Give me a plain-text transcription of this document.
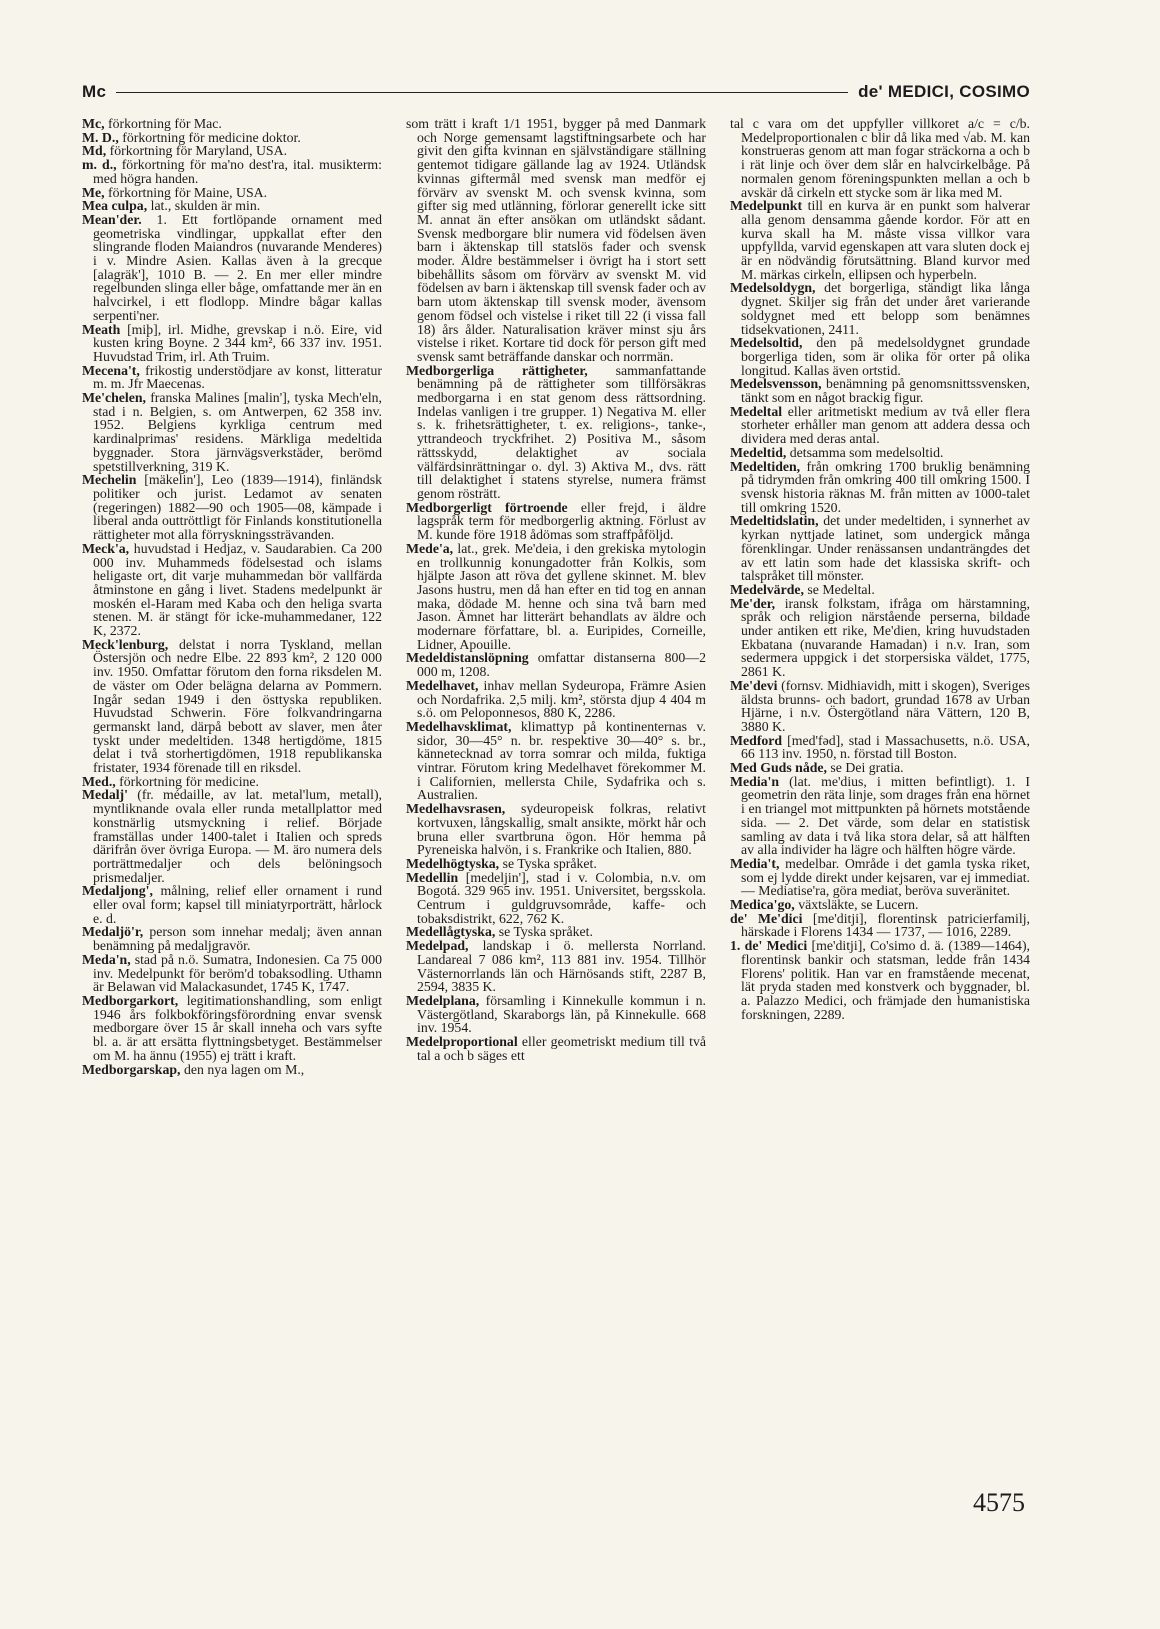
Mc	de' MEDICI, COSIMO

Mc, förkortning för Mac.

M. D., förkortning för medicine doktor.

Md, förkortning för Maryland, USA.

m. d., förkortning för ma'no dest'ra, ital. musikterm: med högra handen.

Me, förkortning för Maine, USA.

Mea culpa, lat., skulden är min.

Mean'der. 1. Ett fortlöpande ornament med geometriska vindlingar, uppkallat efter den slingrande floden Maiandros (nuvarande Menderes) i v. Mindre Asien. Kallas även à la grecque [alagräk'], 1010 B. — 2. En mer eller mindre regelbunden slinga eller båge, omfattande mer än en halvcirkel, i ett flodlopp. Mindre bågar kallas serpenti'ner.

Meath [miþ], irl. Midhe, grevskap i n.ö. Eire, vid kusten kring Boyne. 2 344 km², 66 337 inv. 1951. Huvudstad Trim, irl. Ath Truim.

Mecena't, frikostig understödjare av konst, litteratur m. m. Jfr Maecenas.

Me'chelen, franska Malines [malin'], tyska Mech'eln, stad i n. Belgien, s. om Antwerpen, 62 358 inv. 1952. Belgiens kyrkliga centrum med kardinalprimas' residens. Märkliga medeltida byggnader. Stora järnvägsverkstäder, berömd spetstillverkning, 319 K.

Mechelin [mäkelin'], Leo (1839—1914), finländsk politiker och jurist. Ledamot av senaten (regeringen) 1882—90 och 1905—08, kämpade i liberal anda outtröttligt för Finlands konstitutionella rättigheter mot alla förryskningssträvanden.

Meck'a, huvudstad i Hedjaz, v. Saudarabien. Ca 200 000 inv. Muhammeds födelsestad och islams heligaste ort, dit varje muhammedan bör vallfärda åtminstone en gång i livet. Stadens medelpunkt är moskén el-Haram med Kaba och den heliga svarta stenen. M. är stängt för icke-muhammedaner, 122 K, 2372.

Meck'lenburg, delstat i norra Tyskland, mellan Östersjön och nedre Elbe. 22 893 km², 2 120 000 inv. 1950. Omfattar förutom den forna riksdelen M. de väster om Oder belägna delarna av Pommern. Ingår sedan 1949 i den östtyska republiken. Huvudstad Schwerin. Före folkvandringarna germanskt land, därpå bebott av slaver, men åter tyskt under medeltiden. 1348 hertigdöme, 1815 delat i två storhertigdömen, 1918 republikanska fristater, 1934 förenade till en riksdel.

Med., förkortning för medicine.

Medalj' (fr. médaille, av lat. metal'lum, metall), myntliknande ovala eller runda metallplattor med konstnärlig utsmyckning i relief. Började framställas under 1400-talet i Italien och spreds därifrån över övriga Europa. — M. äro numera dels porträttmedaljer och dels belöningsoch prismedaljer.

Medaljong', målning, relief eller ornament i rund eller oval form; kapsel till miniatyrporträtt, hårlock e. d.

Medaljö'r, person som innehar medalj; även annan benämning på medaljgravör.

Meda'n, stad på n.ö. Sumatra, Indonesien. Ca 75 000 inv. Medelpunkt för beröm'd tobaksodling. Uthamn är Belawan vid Malackasundet, 1745 K, 1747.

Medborgarkort, legitimationshandling, som enligt 1946 års folkbokföringsförordning envar svensk medborgare över 15 år skall inneha och vars syfte bl. a. är att ersätta flyttningsbetyget. Bestämmelser om M. ha ännu (1955) ej trätt i kraft.

Medborgarskap, den nya lagen om M.,

som trätt i kraft 1/1 1951, bygger på med Danmark och Norge gemensamt lagstiftningsarbete och har givit den gifta kvinnan en självständigare ställning gentemot tidigare gällande lag av 1924. Utländsk kvinnas giftermål med svensk man medför ej förvärv av svenskt M. och svensk kvinna, som gifter sig med utlänning, förlorar generellt icke sitt M. annat än efter ansökan om utländskt sådant. Svensk medborgare blir numera vid födelsen även barn i äktenskap till statslös fader och svensk moder. Äldre bestämmelser i övrigt ha i stort sett bibehållits såsom om förvärv av svenskt M. vid födelsen av barn i äktenskap till svensk fader och av barn utom äktenskap till svensk moder, ävensom genom födsel och vistelse i riket till 22 (i vissa fall 18) års ålder. Naturalisation kräver minst sju års vistelse i riket. Kortare tid dock för person gift med svensk samt beträffande danskar och norrmän.

Medborgerliga rättigheter, sammanfattande benämning på de rättigheter som tillförsäkras medborgarna i en stat genom dess rättsordning. Indelas vanligen i tre grupper. 1) Negativa M. eller s. k. frihetsrättigheter, t. ex. religions-, tanke-, yttrandeoch tryckfrihet. 2) Positiva M., såsom rättsskydd, delaktighet av sociala välfärdsinrättningar o. dyl. 3) Aktiva M., dvs. rätt till delaktighet i statens styrelse, numera främst genom rösträtt.

Medborgerligt förtroende eller frejd, i äldre lagspråk term för medborgerlig aktning. Förlust av M. kunde före 1918 ådömas som straffpåföljd.

Mede'a, lat., grek. Me'deia, i den grekiska mytologin en trollkunnig konungadotter från Kolkis, som hjälpte Jason att röva det gyllene skinnet. M. blev Jasons hustru, men då han efter en tid tog en annan maka, dödade M. henne och sina två barn med Jason. Ämnet har litterärt behandlats av äldre och modernare författare, bl. a. Euripides, Corneille, Lidner, Apouille.

Medeldistanslöpning omfattar distanserna 800—2 000 m, 1208.

Medelhavet, inhav mellan Sydeuropa, Främre Asien och Nordafrika. 2,5 milj. km², största djup 4 404 m s.ö. om Peloponnesos, 880 K, 2286.

Medelhavsklimat, klimattyp på kontinenternas v. sidor, 30—45° n. br. respektive 30—40° s. br., kännetecknad av torra somrar och milda, fuktiga vintrar. Förutom kring Medelhavet förekommer M. i Californien, mellersta Chile, Sydafrika och s. Australien.

Medelhavsrasen, sydeuropeisk folkras, relativt kortvuxen, långskallig, smalt ansikte, mörkt hår och bruna eller svartbruna ögon. Hör hemma på Pyreneiska halvön, i s. Frankrike och Italien, 880.

Medelhögtyska, se Tyska språket.

Medellin [medeljin'], stad i v. Colombia, n.v. om Bogotá. 329 965 inv. 1951. Universitet, bergsskola. Centrum i guldgruvsområde, kaffe- och tobaksdistrikt, 622, 762 K.

Medellågtyska, se Tyska språket.

Medelpad, landskap i ö. mellersta Norrland. Landareal 7 086 km², 113 881 inv. 1954. Tillhör Västernorrlands län och Härnösands stift, 2287 B, 2594, 3835 K.

Medelplana, församling i Kinnekulle kommun i n. Västergötland, Skaraborgs län, på Kinnekulle. 668 inv. 1954.

Medelproportional eller geometriskt medium till två tal a och b säges ett

tal c vara om det uppfyller villkoret a/c = c/b. Medelproportionalen c blir då lika med √ab. M. kan konstrueras genom att man fogar sträckorna a och b i rät linje och över dem slår en halvcirkelbåge. På normalen genom föreningspunkten mellan a och b avskär då cirkeln ett stycke som är lika med M.

Medelpunkt till en kurva är en punkt som halverar alla genom densamma gående kordor. För att en kurva skall ha M. måste vissa villkor vara uppfyllda, varvid egenskapen att vara sluten dock ej är en nödvändig förutsättning. Bland kurvor med M. märkas cirkeln, ellipsen och hyperbeln.

Medelsoldygn, det borgerliga, ständigt lika långa dygnet. Skiljer sig från det under året varierande soldygnet med ett belopp som benämnes tidsekvationen, 2411.

Medelsoltid, den på medelsoldygnet grundade borgerliga tiden, som är olika för orter på olika longitud. Kallas även ortstid.

Medelsvensson, benämning på genomsnittssvensken, tänkt som en något brackig figur.

Medeltal eller aritmetiskt medium av två eller flera storheter erhåller man genom att addera dessa och dividera med deras antal.

Medeltid, detsamma som medelsoltid.

Medeltiden, från omkring 1700 bruklig benämning på tidrymden från omkring 400 till omkring 1500. I svensk historia räknas M. från mitten av 1000-talet till omkring 1520.

Medeltidslatin, det under medeltiden, i synnerhet av kyrkan nyttjade latinet, som undergick många förenklingar. Under renässansen undanträngdes det av ett latin som hade det klassiska skrift- och talspråket till mönster.

Medelvärde, se Medeltal.

Me'der, iransk folkstam, ifråga om härstamning, språk och religion närstående perserna, bildade under antiken ett rike, Me'dien, kring huvudstaden Ekbatana (nuvarande Hamadan) i n.v. Iran, som sedermera uppgick i det storpersiska väldet, 1775, 2861 K.

Me'devi (fornsv. Midhiavidh, mitt i skogen), Sveriges äldsta brunns- och badort, grundad 1678 av Urban Hjärne, i n.v. Östergötland nära Vättern, 120 B, 3880 K.

Medford [med'fəd], stad i Massachusetts, n.ö. USA, 66 113 inv. 1950, n. förstad till Boston.

Med Guds nåde, se Dei gratia.

Media'n (lat. me'dius, i mitten befintligt). 1. I geometrin den räta linje, som drages från ena hörnet i en triangel mot mittpunkten på hörnets motstående sida. — 2. Det värde, som delar en statistisk samling av data i två lika stora delar, så att hälften av alla individer ha lägre och hälften högre värde.

Media't, medelbar. Område i det gamla tyska riket, som ej lydde direkt under kejsaren, var ej immediat. — Mediatise'ra, göra mediat, beröva suveränitet.

Medica'go, växtsläkte, se Lucern.

de' Me'dici [me'ditji], florentinsk patricierfamilj, härskade i Florens 1434 — 1737, — 1016, 2289.

1. de' Medici [me'ditji], Co'simo d. ä. (1389—1464), florentinsk bankir och statsman, ledde från 1434 Florens' politik. Han var en framstående mecenat, lät pryda staden med konstverk och byggnader, bl. a. Palazzo Medici, och främjade den humanistiska forskningen, 2289.

4575
